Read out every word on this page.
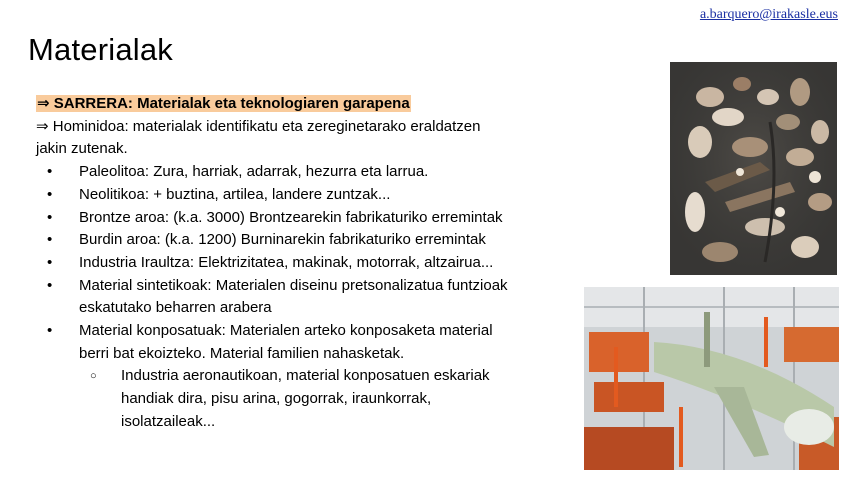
a.barquero@irakasle.eus
Materialak
⇒ SARRERA: Materialak eta teknologiaren garapena
⇒ Hominidoa: materialak identifikatu eta zereginetarako eraldatzen
jakin zutenak.
• Paleolitoa: Zura, harriak, adarrak, hezurra eta larrua.
• Neolitikoa: + buztina, artilea, landere zuntzak...
• Brontze aroa: (k.a. 3000) Brontzearekin fabrikaturiko erremintak
• Burdin aroa: (k.a. 1200) Burninarekin fabrikaturiko erremintak
• Industria Iraultza: Elektrizitatea, makinak, motorrak, altzairua...
• Material sintetikoak: Materialen diseinu pretsonalizatua funtzioak
eskatutako beharren arabera
• Material konposatuak: Materialen arteko konposaketa material
berri bat ekoizteko. Material familien nahasketak.
○ Industria aeronautikoan, material konposatuen eskariak
handiak dira, pisu arina, gogorrak, iraunkorrak,
isolatzaileak...
